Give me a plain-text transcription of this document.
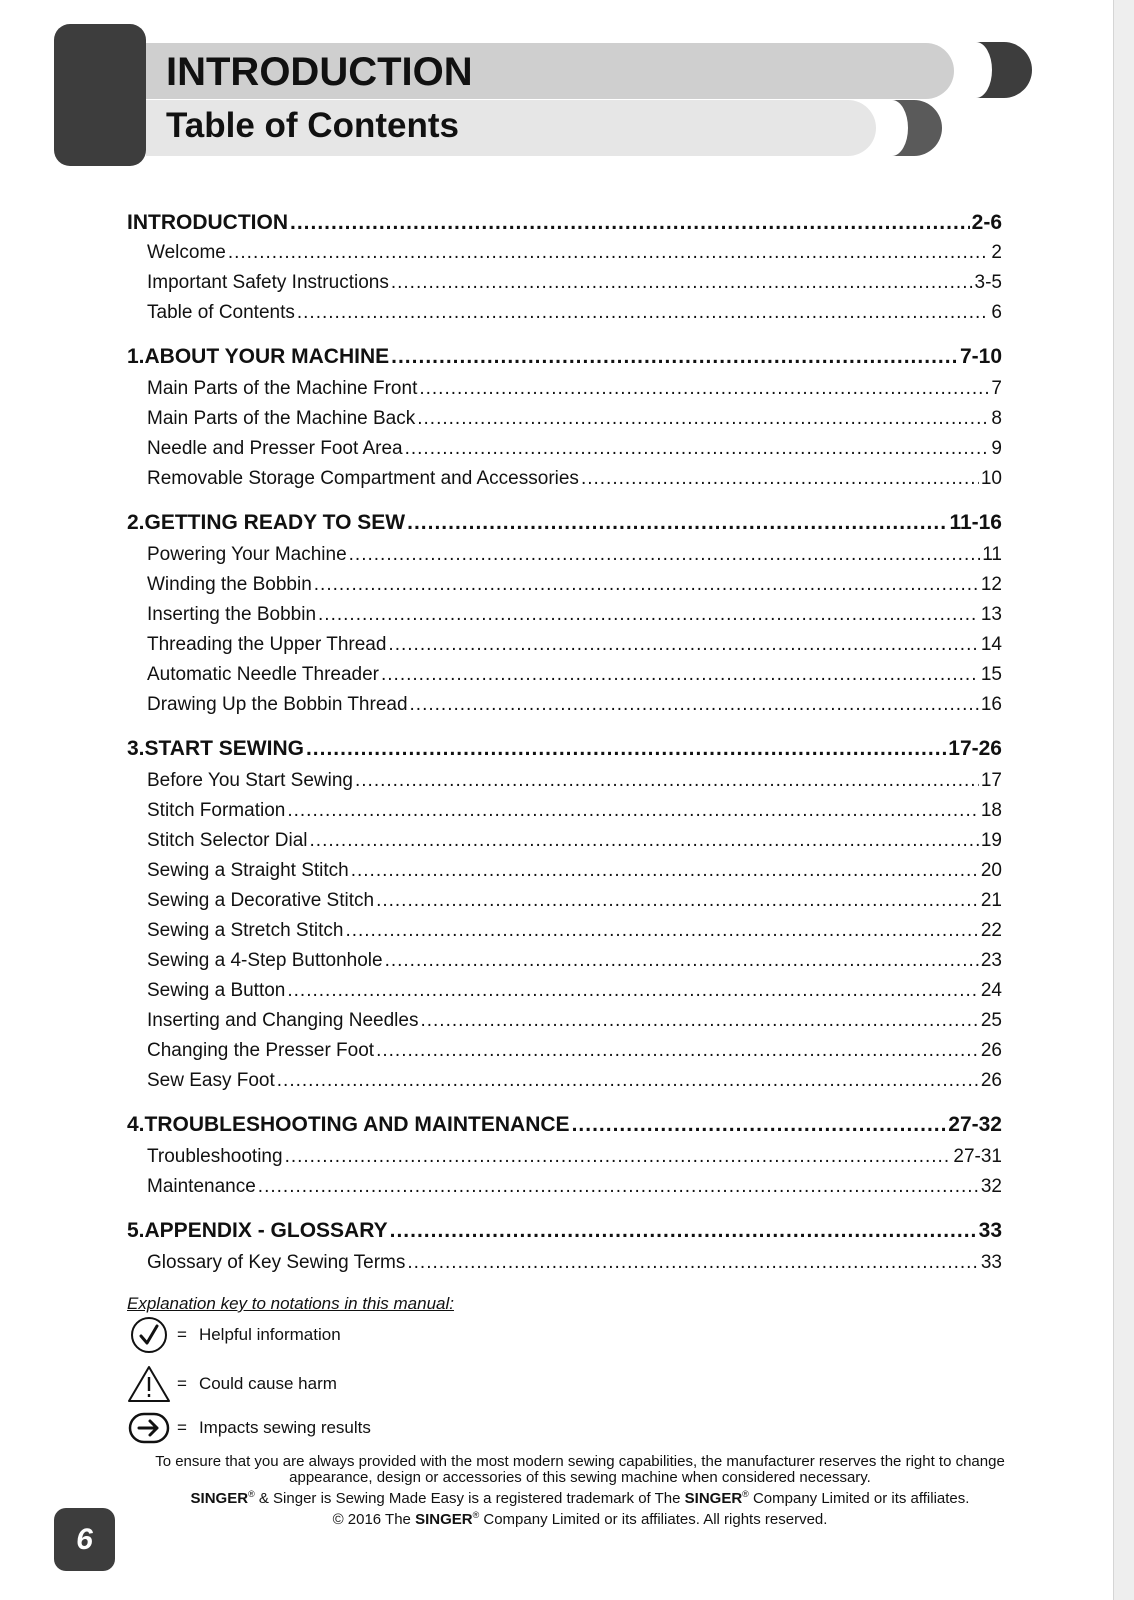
INTRODUCTION
Table of Contents
INTRODUCTION .....	2-6
Welcome .....	2
Important Safety Instructions .....	3-5
Table of Contents .....	6
1.ABOUT YOUR MACHINE .....	7-10
Main Parts of the Machine Front .....	7
Main Parts of the Machine Back .....	8
Needle and Presser Foot Area .....	9
Removable Storage Compartment and Accessories .....	10
2.GETTING READY TO SEW .....	11-16
Powering Your Machine .....	11
Winding the Bobbin .....	12
Inserting the Bobbin .....	13
Threading the Upper Thread .....	14
Automatic Needle Threader .....	15
Drawing Up the Bobbin Thread .....	16
3.START SEWING .....	17-26
Before You Start Sewing .....	17
Stitch Formation .....	18
Stitch Selector Dial .....	19
Sewing a Straight Stitch .....	20
Sewing a Decorative Stitch .....	21
Sewing a Stretch Stitch .....	22
Sewing a 4-Step Buttonhole .....	23
Sewing a Button .....	24
Inserting and Changing Needles .....	25
Changing the Presser Foot .....	26
Sew Easy Foot .....	26
4.TROUBLESHOOTING AND MAINTENANCE .....	27-32
Troubleshooting .....	27-31
Maintenance .....	32
5.APPENDIX - GLOSSARY .....	33
Glossary of Key Sewing Terms .....	33
Explanation key to notations in this manual:
= Helpful information
= Could cause harm
= Impacts sewing results
To ensure that you are always provided with the most modern sewing capabilities, the manufacturer reserves the right to change appearance, design or accessories of this sewing machine when considered necessary.
SINGER® & Singer is Sewing Made Easy is a registered trademark of The SINGER® Company Limited or its affiliates.
© 2016 The SINGER® Company Limited or its affiliates. All rights reserved.
6
